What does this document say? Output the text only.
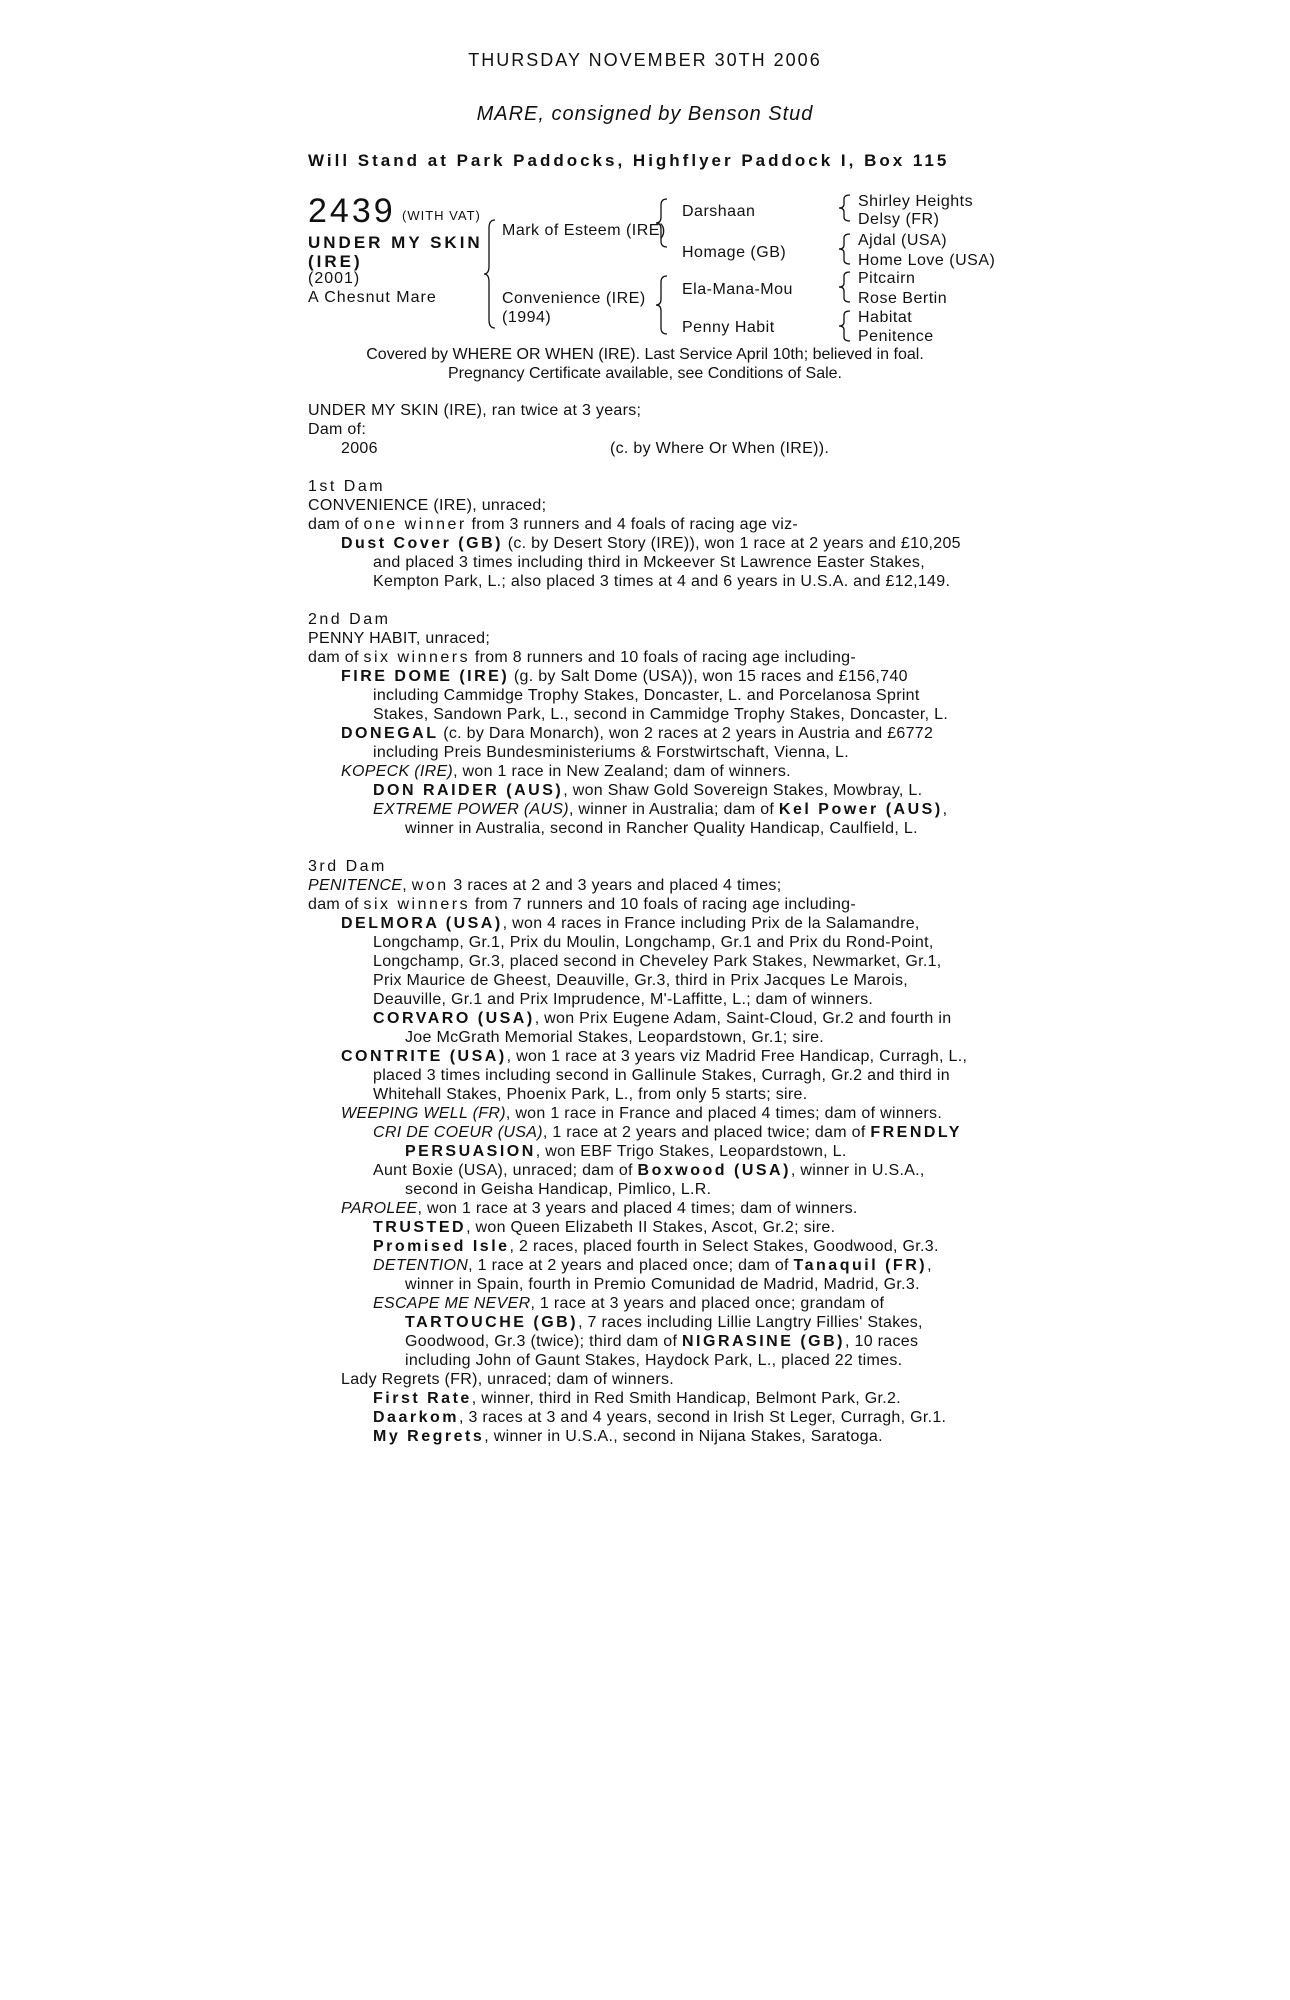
THURSDAY NOVEMBER 30TH 2006
MARE, consigned by Benson Stud
Will Stand at Park Paddocks, Highflyer Paddock I, Box 115
2439 (WITH VAT)
UNDER MY SKIN
(IRE)
(2001)
A Chesnut Mare
Mark of Esteem (IRE)
Convenience (IRE)
(1994)
Darshaan
Homage (GB)
Ela-Mana-Mou
Penny Habit
Shirley Heights
Delsy (FR)
Ajdal (USA)
Home Love (USA)
Pitcairn
Rose Bertin
Habitat
Penitence
Covered by WHERE OR WHEN (IRE). Last Service April 10th; believed in foal.
Pregnancy Certificate available, see Conditions of Sale.
UNDER MY SKIN (IRE), ran twice at 3 years;
Dam of:
2006	(c. by Where Or When (IRE)).
1st Dam
CONVENIENCE (IRE), unraced;
dam of one winner from 3 runners and 4 foals of racing age viz-
Dust Cover (GB) (c. by Desert Story (IRE)), won 1 race at 2 years and £10,205
and placed 3 times including third in Mckeever St Lawrence Easter Stakes,
Kempton Park, L.; also placed 3 times at 4 and 6 years in U.S.A. and £12,149.
2nd Dam
PENNY HABIT, unraced;
dam of six winners from 8 runners and 10 foals of racing age including-
FIRE DOME (IRE) (g. by Salt Dome (USA)), won 15 races and £156,740
including Cammidge Trophy Stakes, Doncaster, L. and Porcelanosa Sprint
Stakes, Sandown Park, L., second in Cammidge Trophy Stakes, Doncaster, L.
DONEGAL (c. by Dara Monarch), won 2 races at 2 years in Austria and £6772
including Preis Bundesministeriums & Forstwirtschaft, Vienna, L.
KOPECK (IRE), won 1 race in New Zealand; dam of winners.
DON RAIDER (AUS), won Shaw Gold Sovereign Stakes, Mowbray, L.
EXTREME POWER (AUS), winner in Australia; dam of Kel Power (AUS),
winner in Australia, second in Rancher Quality Handicap, Caulfield, L.
3rd Dam
PENITENCE, won 3 races at 2 and 3 years and placed 4 times;
dam of six winners from 7 runners and 10 foals of racing age including-
DELMORA (USA), won 4 races in France including Prix de la Salamandre,
Longchamp, Gr.1, Prix du Moulin, Longchamp, Gr.1 and Prix du Rond-Point,
Longchamp, Gr.3, placed second in Cheveley Park Stakes, Newmarket, Gr.1,
Prix Maurice de Gheest, Deauville, Gr.3, third in Prix Jacques Le Marois,
Deauville, Gr.1 and Prix Imprudence, M'-Laffitte, L.; dam of winners.
CORVARO (USA), won Prix Eugene Adam, Saint-Cloud, Gr.2 and fourth in
Joe McGrath Memorial Stakes, Leopardstown, Gr.1; sire.
CONTRITE (USA), won 1 race at 3 years viz Madrid Free Handicap, Curragh, L.,
placed 3 times including second in Gallinule Stakes, Curragh, Gr.2 and third in
Whitehall Stakes, Phoenix Park, L., from only 5 starts; sire.
WEEPING WELL (FR), won 1 race in France and placed 4 times; dam of winners.
CRI DE COEUR (USA), 1 race at 2 years and placed twice; dam of FRENDLY
PERSUASION, won EBF Trigo Stakes, Leopardstown, L.
Aunt Boxie (USA), unraced; dam of Boxwood (USA), winner in U.S.A.,
second in Geisha Handicap, Pimlico, L.R.
PAROLEE, won 1 race at 3 years and placed 4 times; dam of winners.
TRUSTED, won Queen Elizabeth II Stakes, Ascot, Gr.2; sire.
Promised Isle, 2 races, placed fourth in Select Stakes, Goodwood, Gr.3.
DETENTION, 1 race at 2 years and placed once; dam of Tanaquil (FR),
winner in Spain, fourth in Premio Comunidad de Madrid, Madrid, Gr.3.
ESCAPE ME NEVER, 1 race at 3 years and placed once; grandam of
TARTOUCHE (GB), 7 races including Lillie Langtry Fillies' Stakes,
Goodwood, Gr.3 (twice); third dam of NIGRASINE (GB), 10 races
including John of Gaunt Stakes, Haydock Park, L., placed 22 times.
Lady Regrets (FR), unraced; dam of winners.
First Rate, winner, third in Red Smith Handicap, Belmont Park, Gr.2.
Daarkom, 3 races at 3 and 4 years, second in Irish St Leger, Curragh, Gr.1.
My Regrets, winner in U.S.A., second in Nijana Stakes, Saratoga.
